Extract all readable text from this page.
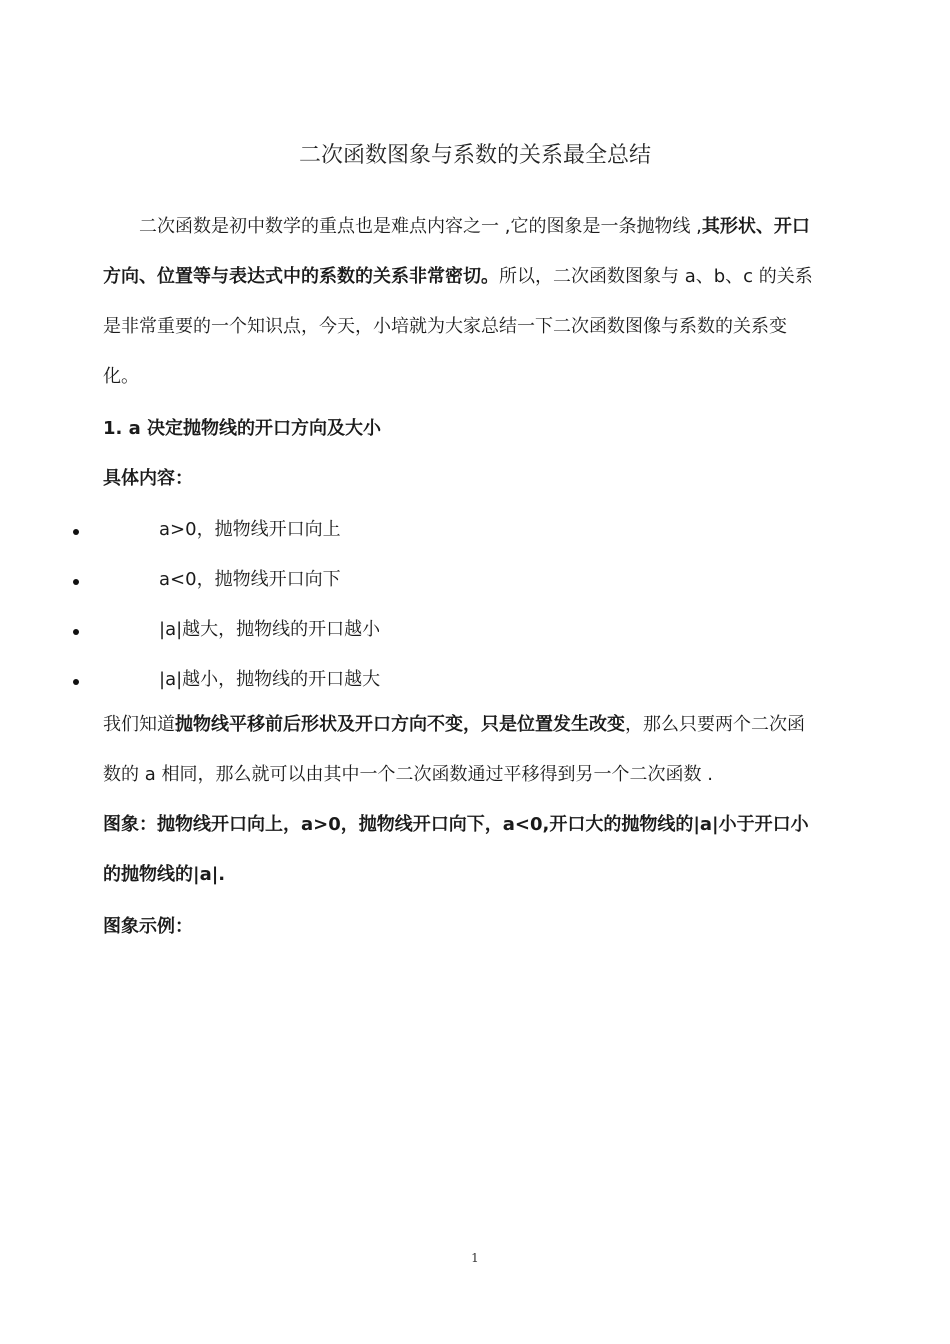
二次函数图象与系数的关系最全总结

二次函数是初中数学的重点也是难点内容之一 ,它的图象是一条抛物线 ,其形状、开口方向、位置等与表达式中的系数的关系非常密切。所以，二次函数图象与 a、b、c 的关系是非常重要的一个知识点，今天，小培就为大家总结一下二次函数图像与系数的关系变化。

1. a 决定抛物线的开口方向及大小
具体内容：
a>0，抛物线开口向上
a<0，抛物线开口向下
|a|越大，抛物线的开口越小
|a|越小，抛物线的开口越大

我们知道抛物线平移前后形状及开口方向不变，只是位置发生改变，那么只要两个二次函数的 a 相同，那么就可以由其中一个二次函数通过平移得到另一个二次函数 .

图象：抛物线开口向上，a>0，抛物线开口向下，a<0,开口大的抛物线的|a|小于开口小的抛物线的|a|.

图象示例：
1
